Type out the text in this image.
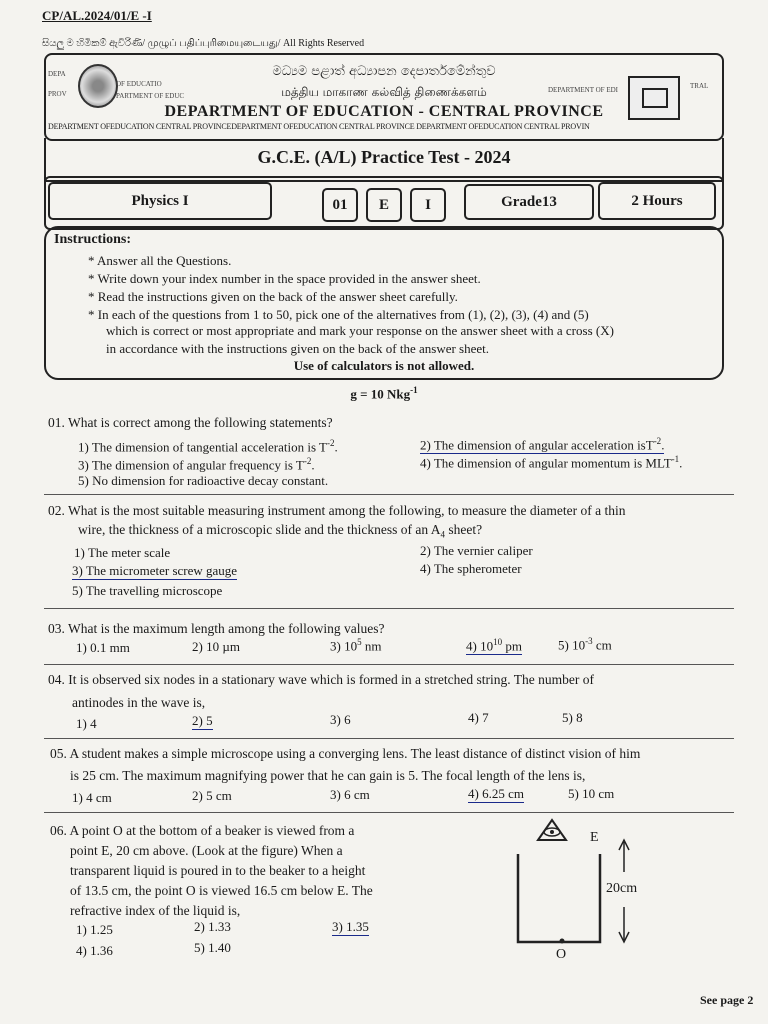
CP/AL.2024/01/E -I
සියලු ම හිමිකම් ඇවිරිණි/ முழுப் பதிப்புரிமையுடையது/ All Rights Reserved
DEPA
OF EDUCATIO
PROV	PARTMENT OF EDUC
මධ්‍යම පළාත් අධ්‍යාපන දෙපාර්තමේන්තුව
மத்திய மாகாண கல்வித் திணைக்களம்
DEPARTMENT OF EDUCATION - CENTRAL PROVINCE
DEPARTMENT OF EDI	TRAL
DEPARTMENT OFEDUCATION CENTRAL PROVINCEDEPARTMENT OFEDUCATION CENTRAL PROVINCE DEPARTMENT OFEDUCATION CENTRAL PROVIN
G.C.E. (A/L) Practice Test - 2024
Physics I	01	E	I	Grade13	2 Hours
Instructions:
* Answer all the Questions.
* Write down your index number in the space provided in the answer sheet.
* Read the instructions given on the back of the answer sheet carefully.
* In each of the questions from 1 to 50, pick one of the alternatives from (1), (2), (3), (4) and (5)
which is correct or most appropriate and mark your response on the answer sheet with a cross (X)
in accordance with the instructions given on the back of the answer sheet.
Use of calculators is not allowed.
g = 10 Nkg$^{-1}$
01. What is correct among the following statements?
1) The dimension of tangential acceleration is $T^{-2}$.	2) The dimension of angular acceleration isT$^{-2}$.
3) The dimension of angular frequency is $T^{-2}$.	4) The dimension of angular momentum is $MLT^{-1}$.
5) No dimension for radioactive decay constant.
02. What is the most suitable measuring instrument among the following, to measure the diameter of a thin
wire, the thickness of a microscopic slide and the thickness of an $A_4$ sheet?
1) The meter scale	2) The vernier caliper
3) The micrometer screw gauge	4) The spherometer
5) The travelling microscope
03. What is the maximum length among the following values?
1) 0.1 mm	2) 10 µm	3) $10^5$ nm	4) $10^{10}$ pm	5) $10^{-3}$ cm
04. It is observed six nodes in a stationary wave which is formed in a stretched string. The number of
antinodes in the wave is,
1) 4	2) 5	3) 6	4) 7	5) 8
05. A student makes a simple microscope using a converging lens. The least distance of distinct vision of him
is 25 cm. The maximum magnifying power that he can gain is 5. The focal length of the lens is,
1) 4 cm	2) 5 cm	3) 6 cm	4) 6.25 cm	5) 10 cm
06. A point O at the bottom of a beaker is viewed from a
point E, 20 cm above. (Look at the figure) When a
transparent liquid is poured in to the beaker to a height
of 13.5 cm, the point O is viewed 16.5 cm below E. The
refractive index of the liquid is,
1) 1.25	2) 1.33	3) 1.35
4) 1.36	5) 1.40
E
O
20cm
See page 2
